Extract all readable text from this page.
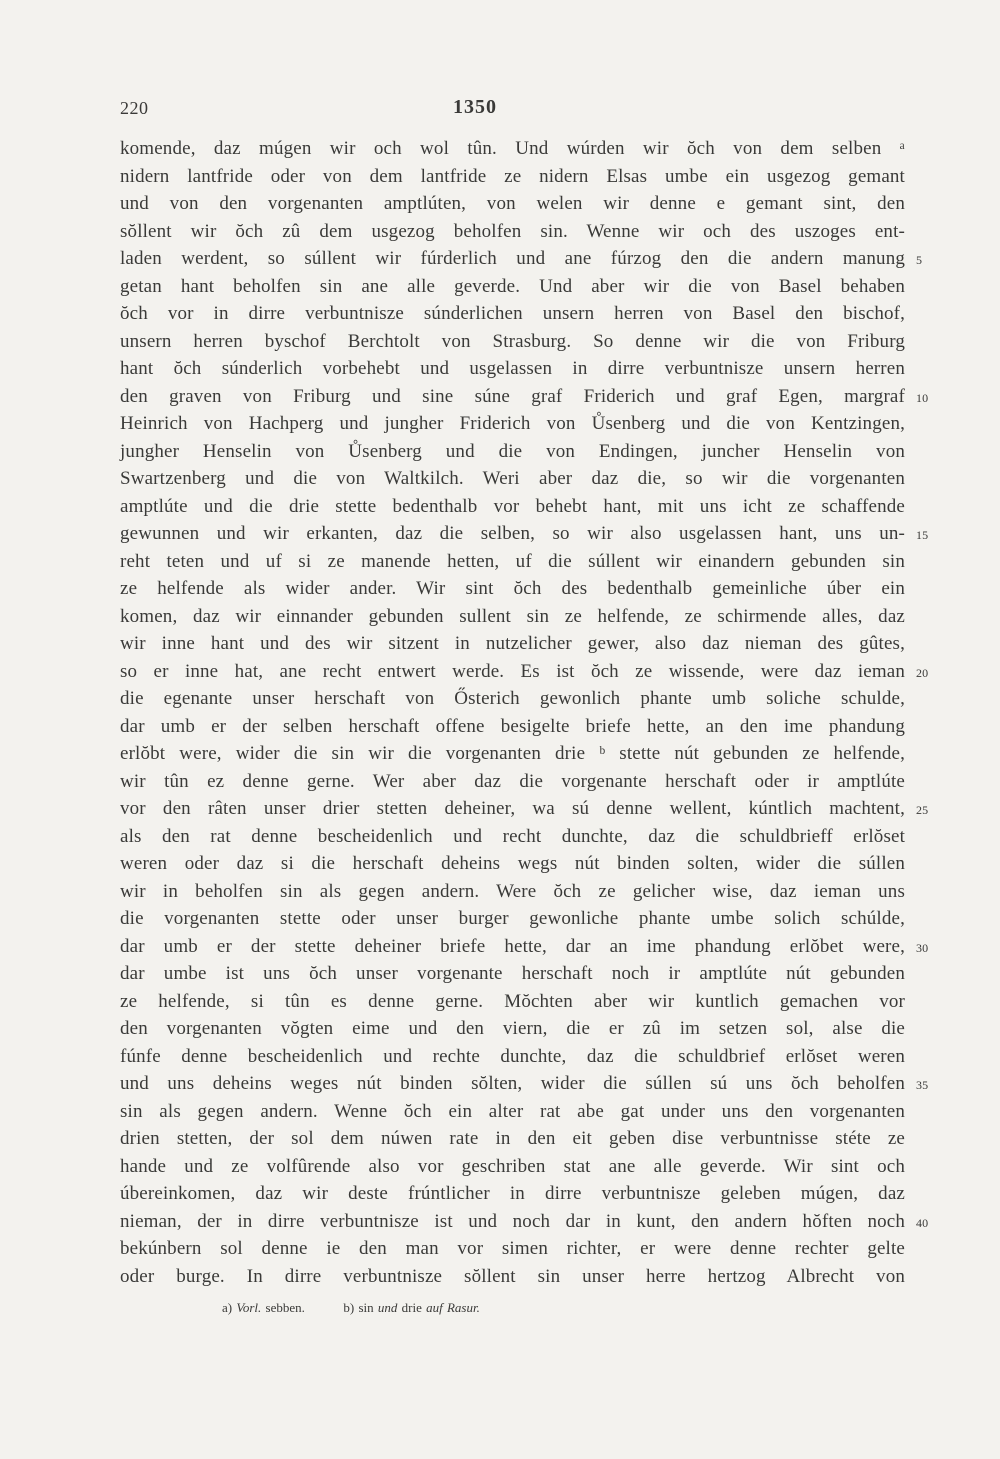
220	1350
komende, daz múgen wir och wol tûn. Und wúrden wir ŏch von dem selben ᵃ
nidern lantfride oder von dem lantfride ze nidern Elsas umbe ein usgezog gemant
und von den vorgenanten amptlúten, von welen wir denne e gemant sint, den
sŏllent wir ŏch zû dem usgezog beholfen sin. Wenne wir och des uszoges ent-
laden werdent, so súllent wir fúrderlich und ane fúrzog den die andern manung 5
getan hant beholfen sin ane alle geverde. Und aber wir die von Basel behaben
ŏch vor in dirre verbuntnisze súnderlichen unsern herren von Basel den bischof,
unsern herren byschof Berchtolt von Strasburg. So denne wir die von Friburg
hant ŏch súnderlich vorbehebt und usgelassen in dirre verbuntnisze unsern herren
den graven von Friburg und sine súne graf Friderich und graf Egen, margraf 10
Heinrich von Hachperg und jungher Friderich von Ůsenberg und die von Kentzingen,
jungher Henselin von Ůsenberg und die von Endingen, juncher Henselin von
Swartzenberg und die von Waltkilch. Weri aber daz die, so wir die vorgenanten
amptlúte und die drie stette bedenthalb vor behebt hant, mit uns icht ze schaffende
gewunnen und wir erkanten, daz die selben, so wir also usgelassen hant, uns un- 15
reht teten und uf si ze manende hetten, uf die súllent wir einandern gebunden sin
ze helfende als wider ander. Wir sint ŏch des bedenthalb gemeinliche úber ein
komen, daz wir einnander gebunden sullent sin ze helfende, ze schirmende alles, daz
wir inne hant und des wir sitzent in nutzelicher gewer, also daz nieman des gûtes,
so er inne hat, ane recht entwert werde. Es ist ŏch ze wissende, were daz ieman 20
die egenante unser herschaft von Ősterich gewonlich phante umb soliche schulde,
dar umb er der selben herschaft offene besigelte briefe hette, an den ime phandung
erlŏbt were, wider die sin wir die vorgenanten drie ᵇ stette nút gebunden ze helfende,
wir tûn ez denne gerne. Wer aber daz die vorgenante herschaft oder ir amptlúte
vor den râten unser drier stetten deheiner, wa sú denne wellent, kúntlich machtent, 25
als den rat denne bescheidenlich und recht dunchte, daz die schuldbrieff erlŏset
weren oder daz si die herschaft deheins wegs nút binden solten, wider die súllen
wir in beholfen sin als gegen andern. Were ŏch ze gelicher wise, daz ieman uns
die vorgenanten stette oder unser burger gewonliche phante umbe solich schúlde,
dar umb er der stette deheiner briefe hette, dar an ime phandung erlŏbet were, 30
dar umbe ist uns ŏch unser vorgenante herschaft noch ir amptlúte nút gebunden
ze helfende, si tûn es denne gerne. Mŏchten aber wir kuntlich gemachen vor
den vorgenanten vŏgten eime und den viern, die er zû im setzen sol, alse die
fúnfe denne bescheidenlich und rechte dunchte, daz die schuldbrief erlŏset weren
und uns deheins weges nút binden sŏlten, wider die súllen sú uns ŏch beholfen 35
sin als gegen andern. Wenne ŏch ein alter rat abe gat under uns den vorgenanten
drien stetten, der sol dem núwen rate in den eit geben dise verbuntnisse stéte ze
hande und ze volfûrende also vor geschriben stat ane alle geverde. Wir sint och
úbereinkomen, daz wir deste frúntlicher in dirre verbuntnisze geleben múgen, daz
nieman, der in dirre verbuntnisze ist und noch dar in kunt, den andern hŏften noch 40
bekúnbern sol denne ie den man vor simen richter, er were denne rechter gelte
oder burge. In dirre verbuntnisze sŏllent sin unser herre hertzog Albrecht von
a) Vorl. sebben.	b) sin und drie auf Rasur.
